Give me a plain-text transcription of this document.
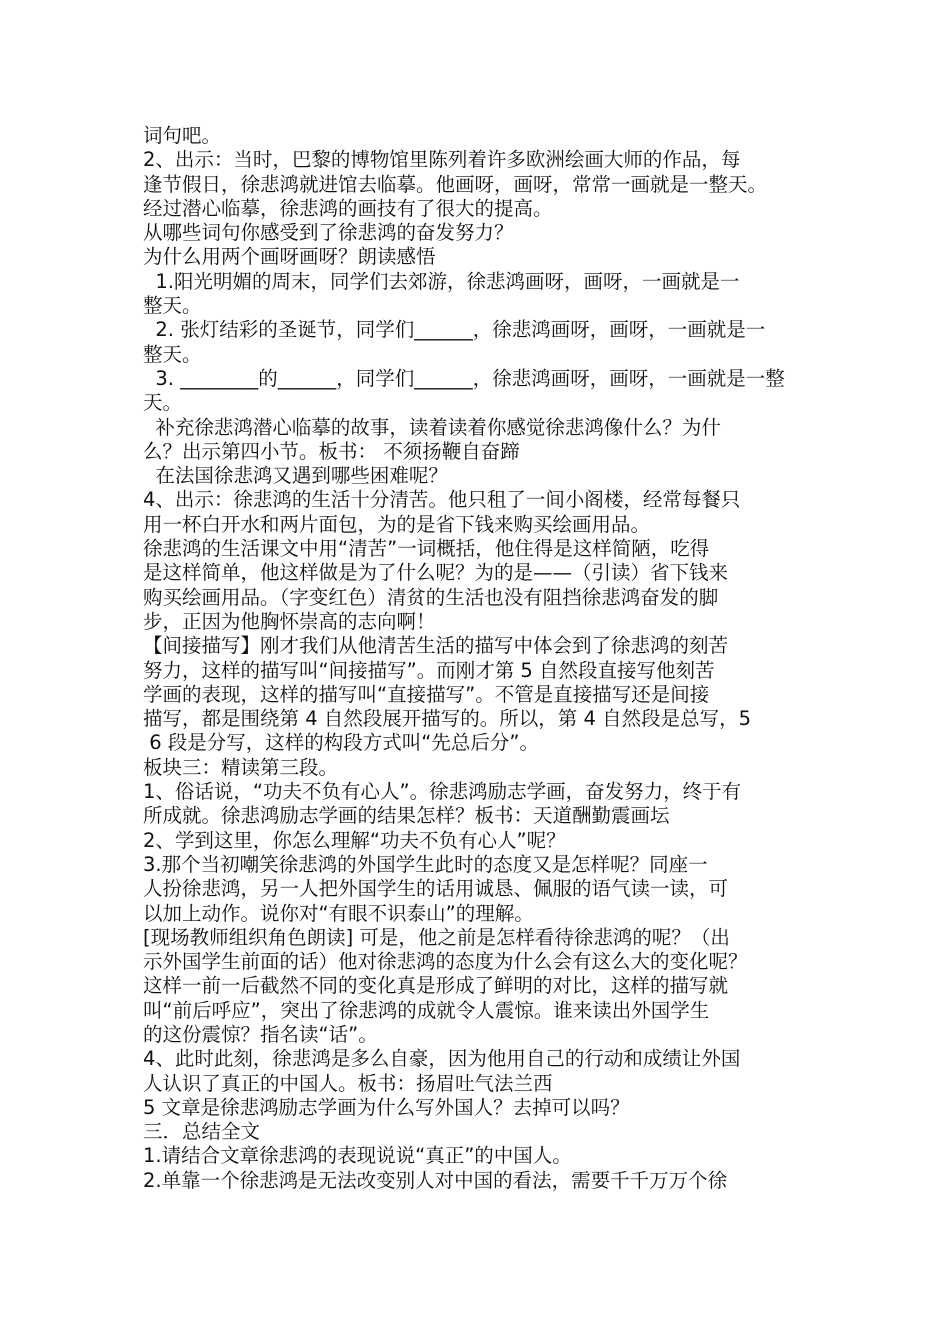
词句吧。
2、出示：当时，巴黎的博物馆里陈列着许多欧洲绘画大师的作品，每
逢节假日，徐悲鸿就进馆去临摹。他画呀，画呀，常常一画就是一整天。
经过潜心临摹，徐悲鸿的画技有了很大的提高。
从哪些词句你感受到了徐悲鸿的奋发努力？
为什么用两个画呀画呀？朗读感悟
1.阳光明媚的周末，同学们去郊游，徐悲鸿画呀，画呀，一画就是一
整天。
2. 张灯结彩的圣诞节，同学们______，徐悲鸿画呀，画呀，一画就是一
整天。
3. ________的______，同学们______，徐悲鸿画呀，画呀，一画就是一整
天。
补充徐悲鸿潜心临摹的故事，读着读着你感觉徐悲鸿像什么？为什
么？出示第四小节。板书： 不须扬鞭自奋蹄
在法国徐悲鸿又遇到哪些困难呢？
4、出示：徐悲鸿的生活十分清苦。他只租了一间小阁楼，经常每餐只
用一杯白开水和两片面包，为的是省下钱来购买绘画用品。
徐悲鸿的生活课文中用“清苦”一词概括，他住得是这样简陋，吃得
是这样简单，他这样做是为了什么呢？为的是——（引读）省下钱来
购买绘画用品。（字变红色）清贫的生活也没有阻挡徐悲鸿奋发的脚
步，正因为他胸怀崇高的志向啊！
【间接描写】刚才我们从他清苦生活的描写中体会到了徐悲鸿的刻苦
努力，这样的描写叫“间接描写”。而刚才第 5 自然段直接写他刻苦
学画的表现，这样的描写叫“直接描写”。不管是直接描写还是间接
描写，都是围绕第 4 自然段展开描写的。所以，第 4 自然段是总写，5
6 段是分写，这样的构段方式叫“先总后分”。
板块三：精读第三段。
1、俗话说，“功夫不负有心人”。徐悲鸿励志学画，奋发努力，终于有
所成就。徐悲鸿励志学画的结果怎样？板书：天道酬勤震画坛
2、学到这里，你怎么理解“功夫不负有心人”呢？
3.那个当初嘲笑徐悲鸿的外国学生此时的态度又是怎样呢？同座一
人扮徐悲鸿，另一人把外国学生的话用诚恳、佩服的语气读一读，可
以加上动作。说你对“有眼不识泰山”的理解。
[现场教师组织角色朗读] 可是，他之前是怎样看待徐悲鸿的呢？（出
示外国学生前面的话）他对徐悲鸿的态度为什么会有这么大的变化呢？
这样一前一后截然不同的变化真是形成了鲜明的对比，这样的描写就
叫“前后呼应”，突出了徐悲鸿的成就令人震惊。谁来读出外国学生
的这份震惊？指名读“话”。
4、此时此刻，徐悲鸿是多么自豪，因为他用自己的行动和成绩让外国
人认识了真正的中国人。板书：扬眉吐气法兰西
5 文章是徐悲鸿励志学画为什么写外国人？去掉可以吗？
三．总结全文
1.请结合文章徐悲鸿的表现说说“真正”的中国人。
2.单靠一个徐悲鸿是无法改变别人对中国的看法，需要千千万万个徐
